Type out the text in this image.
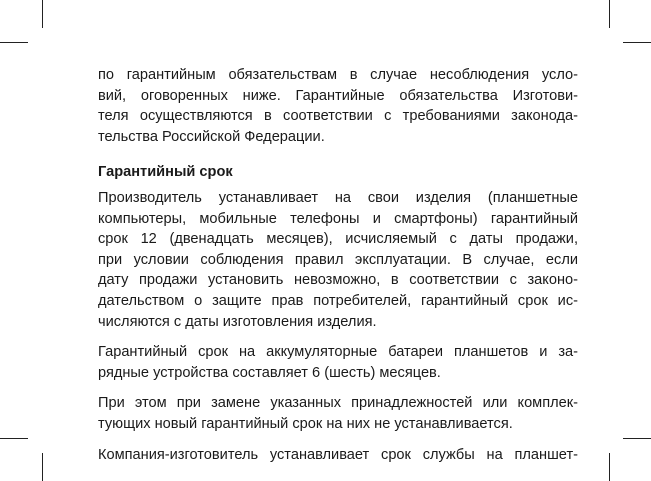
по гарантийным обязательствам в случае несоблюдения усло-
вий, оговоренных ниже. Гарантийные обязательства Изготови-
теля осуществляются в соответствии с требованиями законода-
тельства Российской Федерации.

Гарантийный срок

Производитель устанавливает на свои изделия (планшетные
компьютеры, мобильные телефоны и смартфоны) гарантийный
срок 12 (двенадцать месяцев), исчисляемый с даты продажи,
при условии соблюдения правил эксплуатации. В случае, если
дату продажи установить невозможно, в соответствии с законо-
дательством о защите прав потребителей, гарантийный срок ис-
числяются с даты изготовления изделия.

Гарантийный срок на аккумуляторные батареи планшетов и за-
рядные устройства составляет 6 (шесть) месяцев.

При этом при замене указанных принадлежностей или комплек-
тующих новый гарантийный срок на них не устанавливается.

Компания-изготовитель устанавливает срок службы на планшет-
